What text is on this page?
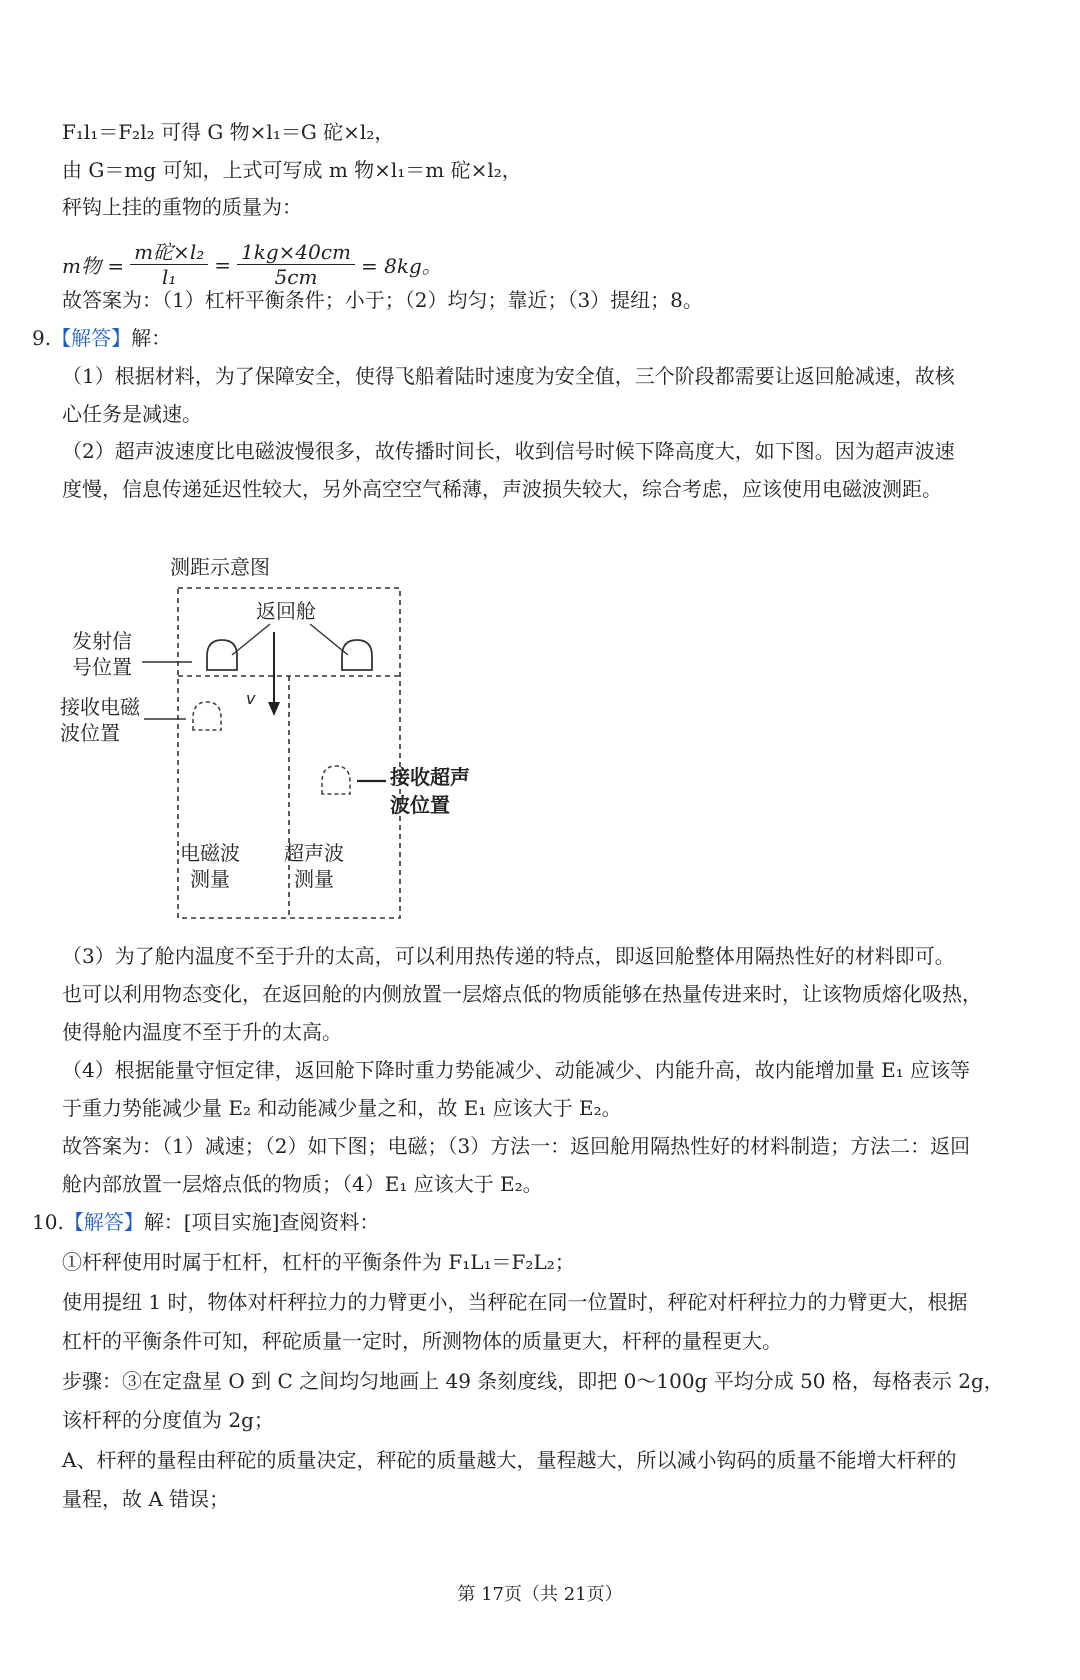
F₁l₁＝F₂l₂ 可得 G 物×l₁＝G 砣×l₂，
由 G＝mg 可知，上式可写成 m 物×l₁＝m 砣×l₂，
秤钩上挂的重物的质量为：
m物 = $\frac{\text{m砣×l₂}}{\text{l₁}} = \frac{1kg\times 40cm}{5cm} = 8kg$。
故答案为：（1）杠杆平衡条件；小于；（2）均匀；靠近；（3）提纽；8。
9.【解答】解：
（1）根据材料，为了保障安全，使得飞船着陆时速度为安全值，三个阶段都需要让返回舱减速，故核
心任务是减速。
（2）超声波速度比电磁波慢很多，故传播时间长，收到信号时候下降高度大，如下图。因为超声波速
度慢，信息传递延迟性较大，另外高空空气稀薄，声波损失较大，综合考虑，应该使用电磁波测距。
测距示意图
返回舱
发射信
号位置
v
接收电磁
波位置
接收超声
波位置
电磁波
测量
超声波
测量
（3）为了舱内温度不至于升的太高，可以利用热传递的特点，即返回舱整体用隔热性好的材料即可。
也可以利用物态变化，在返回舱的内侧放置一层熔点低的物质能够在热量传进来时，让该物质熔化吸热，
使得舱内温度不至于升的太高。
（4）根据能量守恒定律，返回舱下降时重力势能减少、动能减少、内能升高，故内能增加量 E₁ 应该等
于重力势能减少量 E₂ 和动能减少量之和，故 E₁ 应该大于 E₂。
故答案为：（1）减速；（2）如下图；电磁；（3）方法一：返回舱用隔热性好的材料制造；方法二：返回
舱内部放置一层熔点低的物质；（4）E₁ 应该大于 E₂。
10.【解答】解：[项目实施]查阅资料：
①杆秤使用时属于杠杆，杠杆的平衡条件为 F₁L₁＝F₂L₂；
使用提纽 1 时，物体对杆秤拉力的力臂更小，当秤砣在同一位置时，秤砣对杆秤拉力的力臂更大，根据
杠杆的平衡条件可知，秤砣质量一定时，所测物体的质量更大，杆秤的量程更大。
步骤：③在定盘星 O 到 C 之间均匀地画上 49 条刻度线，即把 0～100g 平均分成 50 格，每格表示 2g，
该杆秤的分度值为 2g；
A、杆秤的量程由秤砣的质量决定，秤砣的质量越大，量程越大，所以减小钩码的质量不能增大杆秤的
量程，故 A 错误；
第 17页（共 21页）
